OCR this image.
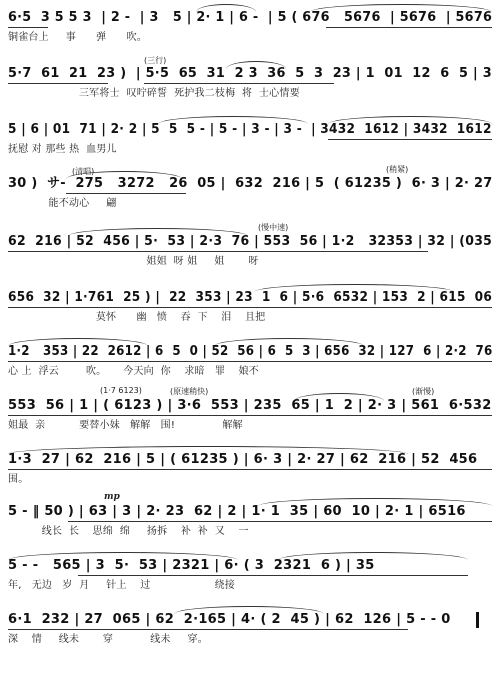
6·5  3 5 5 3  | 2 -  | 3   5 | 2· 1 | 6 -  | 5 ( 676   5676  | 5676  | 5676
铜雀台上     事      弹      吹。
5·7  61  21  23 )  | 5·5  65  31  2 3  36  5  3  23 | 1  01  12  6  5 | 3
三军将士  叹咛碎誓  死护我二枝梅  将  士心情要
(三行)
5 | 6 | 01  71 | 2· 2 | 5  5  5 - | 5 - | 3 - | 3 -  | 3432  1612 | 3432  1612
抚慰 对 那些 热  血男儿
30 )  サ-  275   3272   26  05 |  632  216 | 5  ( 61235 )  6· 3 | 2· 27
能不动心     翩
(清唱)	(稍紧)
62  216 | 52  456 | 5·  53 | 2·3  76 | 553  56 | 1·2   32353 | 32 | (035
姐姐  呀 姐     姐       呀
(慢中速)
656  32 | 1·761  25 ) |  22  353 | 23  1  6 | 5·6  6532 | 153  2 | 615  06
莫怀      幽   愤    吞  下    泪    且把
1·2   353 | 22  2612 | 6  5  0 | 52  56 | 6  5  3 | 656  32 | 127  6 | 2·2  76
心 上  浮云        吹。     今天向  你    求暗   罪    娘不
553  56 | 1 | ( 6123 ) | 3·6  553 | 235  65 | 1  2 | 2· 3 | 561  6·532
姐最  亲          要替小妹   解解   围!              解解
(1·7 6123)	(原速稍快)	(渐慢)
1·3  27 | 62  216 | 5 | ( 61235 ) | 6· 3 | 2· 27 | 62  216 | 52  456
围。
5 - ‖ 50 ) | 63 | 3 | 2· 23  62 | 2 | 1· 1  35 | 60  10 | 2· 1 | 6516
线长  长    思绵  绵     扬拆    补  补  又    一
mp
5 - -   565 | 3  5·  53 | 2321 | 6· ( 3  2321  6 ) | 35
年,   无边   岁  月     针上    过                   绕接
6·1  232 | 27  065 | 62  2·165 | 4· ( 2  45 ) | 62  126 | 5 - - 0
深    情     线未       穿           线未     穿。
